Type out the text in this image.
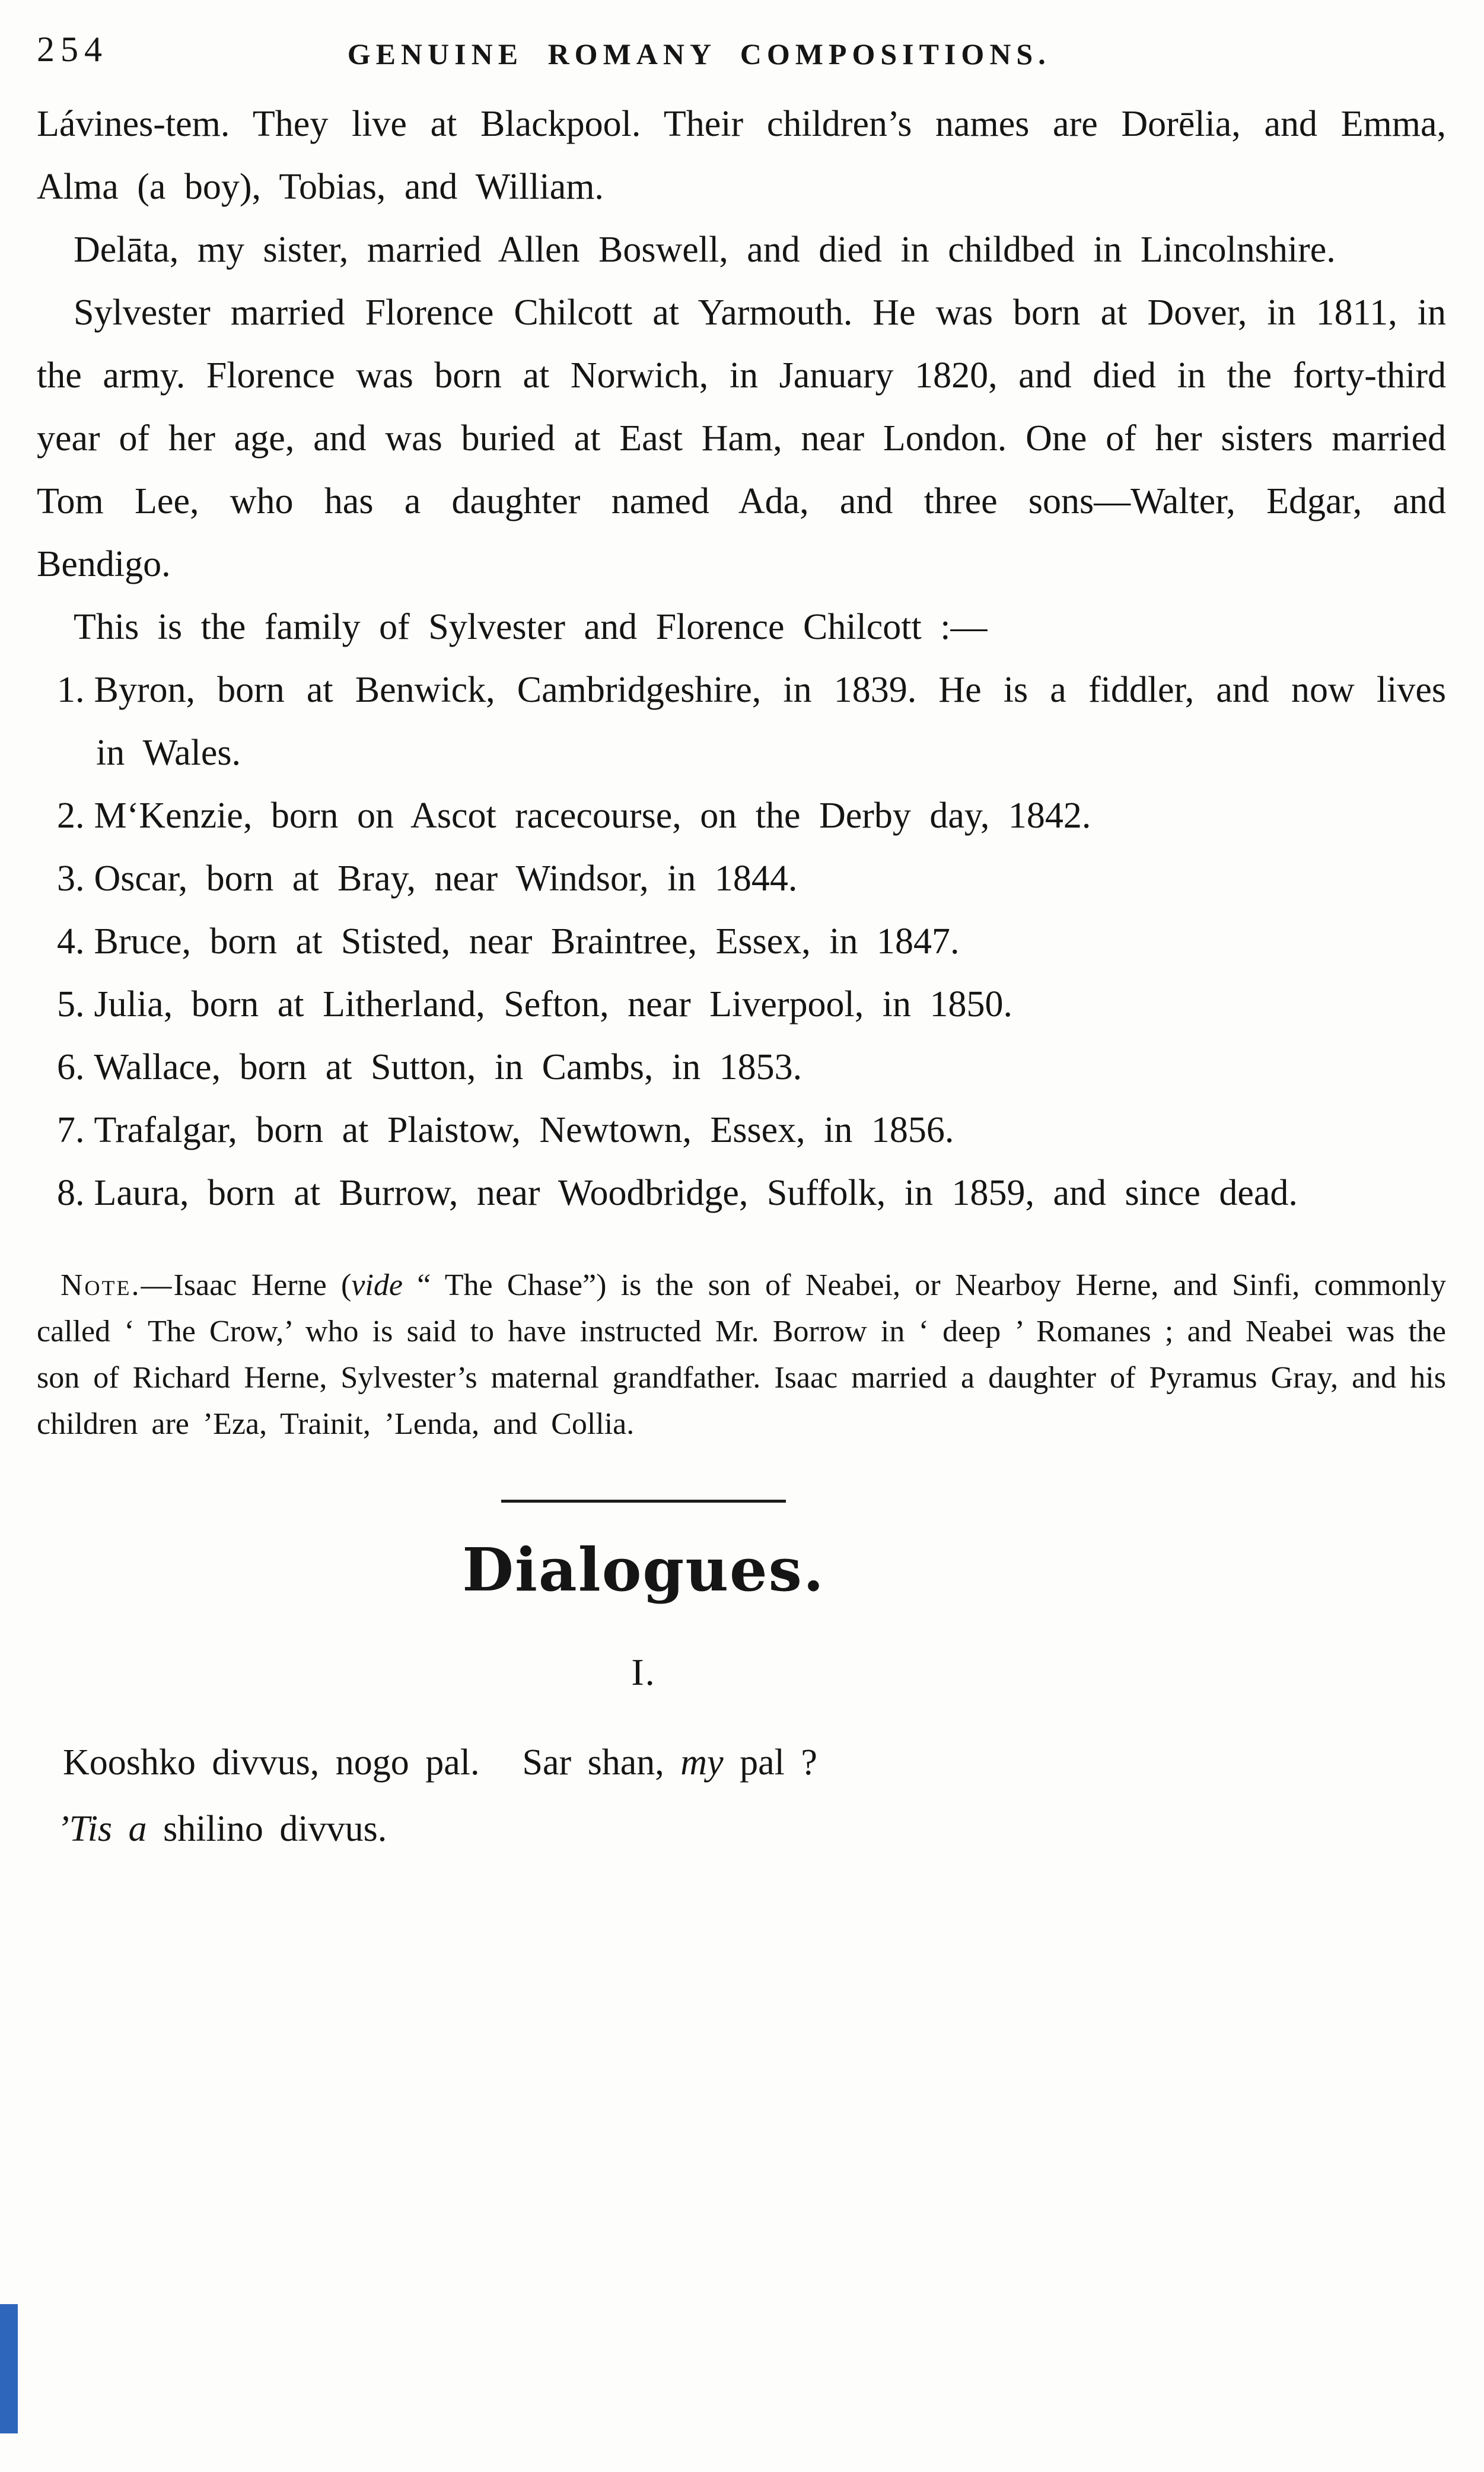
254	GENUINE ROMANY COMPOSITIONS.

Lávines-tem. They live at Blackpool. Their children’s names are Dorēlia, and Emma, Alma (a boy), Tobias, and William.

Delāta, my sister, married Allen Boswell, and died in childbed in Lincolnshire.

Sylvester married Florence Chilcott at Yarmouth. He was born at Dover, in 1811, in the army. Florence was born at Norwich, in January 1820, and died in the forty-third year of her age, and was buried at East Ham, near London. One of her sisters married Tom Lee, who has a daughter named Ada, and three sons—Walter, Edgar, and Bendigo.

This is the family of Sylvester and Florence Chilcott :—

1. Byron, born at Benwick, Cambridgeshire, in 1839. He is a fiddler, and now lives in Wales.
2. M‘Kenzie, born on Ascot racecourse, on the Derby day, 1842.
3. Oscar, born at Bray, near Windsor, in 1844.
4. Bruce, born at Stisted, near Braintree, Essex, in 1847.
5. Julia, born at Litherland, Sefton, near Liverpool, in 1850.
6. Wallace, born at Sutton, in Cambs, in 1853.
7. Trafalgar, born at Plaistow, Newtown, Essex, in 1856.
8. Laura, born at Burrow, near Woodbridge, Suffolk, in 1859, and since dead.

Note.—Isaac Herne (vide “ The Chase”) is the son of Neabei, or Nearboy Herne, and Sinfi, commonly called ‘ The Crow,’ who is said to have instructed Mr. Borrow in ‘ deep ’ Romanes ; and Neabei was the son of Richard Herne, Sylvester’s maternal grandfather. Isaac married a daughter of Pyramus Gray, and his children are ’Eza, Trainit, ’Lenda, and Collia.

Dialogues.
I.

Kooshko divvus, nogo pal. Sar shan, my pal ?

’Tis a shilino divvus.
